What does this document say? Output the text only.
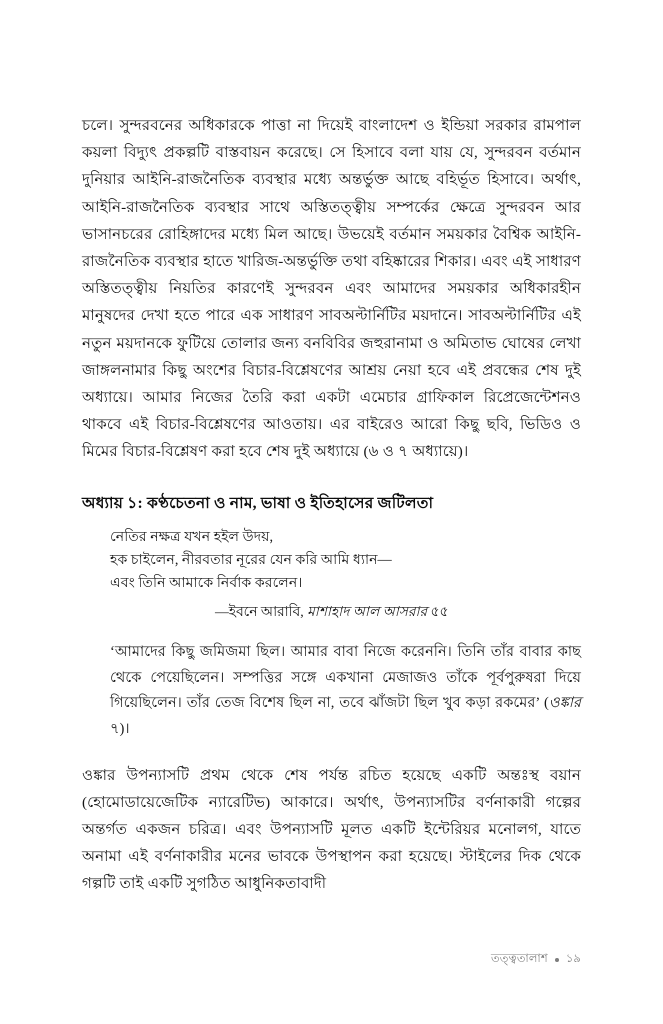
চলে। সুন্দরবনের অধিকারকে পাত্তা না দিয়েই বাংলাদেশ ও ইন্ডিয়া সরকার রামপাল কয়লা বিদ্যুৎ প্রকল্পটি বাস্তবায়ন করেছে। সে হিসাবে বলা যায় যে, সুন্দরবন বর্তমান দুনিয়ার আইনি-রাজনৈতিক ব্যবস্থার মধ্যে অন্তর্ভুক্ত আছে বহির্ভূত হিসাবে। অর্থাৎ, আইনি-রাজনৈতিক ব্যবস্থার সাথে অস্তিতত্ত্বীয় সম্পর্কের ক্ষেত্রে সুন্দরবন আর ভাসানচরের রোহিঙ্গাদের মধ্যে মিল আছে। উভয়েই বর্তমান সময়কার বৈশ্বিক আইনি-রাজনৈতিক ব্যবস্থার হাতে খারিজ-অন্তর্ভুক্তি তথা বহিষ্কারের শিকার। এবং এই সাধারণ অস্তিতত্ত্বীয় নিয়তির কারণেই সুন্দরবন এবং আমাদের সময়কার অধিকারহীন মানুষদের দেখা হতে পারে এক সাধারণ সাবঅল্টার্নিটির ময়দানে। সাবঅল্টার্নিটির এই নতুন ময়দানকে ফুটিয়ে তোলার জন্য বনবিবির জহুরানামা ও অমিতাভ ঘোষের লেখা জাঙ্গলনামার কিছু অংশের বিচার-বিশ্লেষণের আশ্রয় নেয়া হবে এই প্রবন্ধের শেষ দুই অধ্যায়ে। আমার নিজের তৈরি করা একটা এমেচার গ্রাফিকাল রিপ্রেজেন্টেশনও থাকবে এই বিচার-বিশ্লেষণের আওতায়। এর বাইরেও আরো কিছু ছবি, ভিডিও ও মিমের বিচার-বিশ্লেষণ করা হবে শেষ দুই অধ্যায়ে (৬ ও ৭ অধ্যায়ে)।

অধ্যায় ১: কণ্ঠচেতনা ও নাম, ভাষা ও ইতিহাসের জটিলতা
নেতির নক্ষত্র যখন হইল উদয়,
হক চাইলেন, নীরবতার নূরের যেন করি আমি ধ্যান—
এবং তিনি আমাকে নির্বাক করলেন।
—ইবনে আরাবি, মাশাহাদ আল আসরার ৫৫
‘আমাদের কিছু জমিজমা ছিল। আমার বাবা নিজে করেননি। তিনি তাঁর বাবার কাছ থেকে পেয়েছিলেন। সম্পত্তির সঙ্গে একখানা মেজাজও তাঁকে পূর্বপুরুষরা দিয়ে গিয়েছিলেন। তাঁর তেজ বিশেষ ছিল না, তবে ঝাঁজটা ছিল খুব কড়া রকমের’ (ওঙ্কার ৭)।

ওঙ্কার উপন্যাসটি প্রথম থেকে শেষ পর্যন্ত রচিত হয়েছে একটি অন্তঃস্থ বয়ান (হোমোডায়েজেটিক ন্যারেটিভ) আকারে। অর্থাৎ, উপন্যাসটির বর্ণনাকারী গল্পের অন্তর্গত একজন চরিত্র। এবং উপন্যাসটি মূলত একটি ইন্টেরিয়র মনোলগ, যাতে অনামা এই বর্ণনাকারীর মনের ভাবকে উপস্থাপন করা হয়েছে। স্টাইলের দিক থেকে গল্পটি তাই একটি সুগঠিত আধুনিকতাবাদী

তত্ত্বতালাশ ১৯
